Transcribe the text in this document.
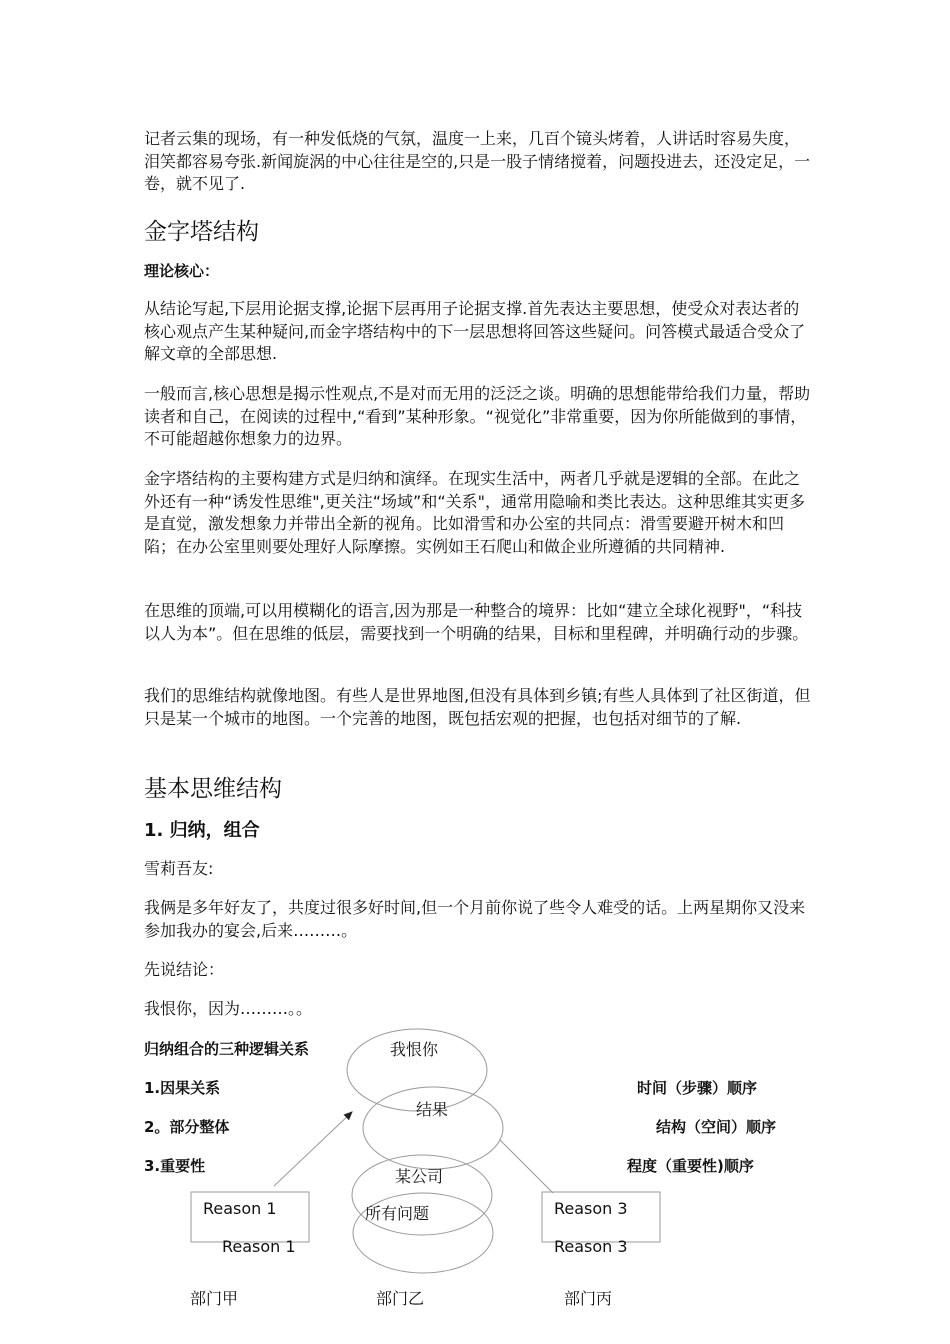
记者云集的现场，有一种发低烧的气氛，温度一上来，几百个镜头烤着，人讲话时容易失度，泪笑都容易夸张.新闻旋涡的中心往往是空的,只是一股子情绪搅着，问题投进去，还没定足，一卷，就不见了.

金字塔结构
理论核心：

从结论写起,下层用论据支撑,论据下层再用子论据支撑.首先表达主要思想，使受众对表达者的核心观点产生某种疑问,而金字塔结构中的下一层思想将回答这些疑问。问答模式最适合受众了解文章的全部思想.

一般而言,核心思想是揭示性观点,不是对而无用的泛泛之谈。明确的思想能带给我们力量，帮助读者和自己，在阅读的过程中,“看到”某种形象。“视觉化”非常重要，因为你所能做到的事情，不可能超越你想象力的边界。

金字塔结构的主要构建方式是归纳和演绎。在现实生活中，两者几乎就是逻辑的全部。在此之外还有一种“诱发性思维",更关注“场域”和“关系"，通常用隐喻和类比表达。这种思维其实更多是直觉，激发想象力并带出全新的视角。比如滑雪和办公室的共同点：滑雪要避开树木和凹陷；在办公室里则要处理好人际摩擦。实例如王石爬山和做企业所遵循的共同精神.

在思维的顶端,可以用模糊化的语言,因为那是一种整合的境界：比如“建立全球化视野"，“科技以人为本”。但在思维的低层，需要找到一个明确的结果，目标和里程碑，并明确行动的步骤。

我们的思维结构就像地图。有些人是世界地图,但没有具体到乡镇;有些人具体到了社区街道，但只是某一个城市的地图。一个完善的地图，既包括宏观的把握，也包括对细节的了解.

基本思维结构
1. 归纳，组合

雪莉吾友:

我俩是多年好友了，共度过很多好时间,但一个月前你说了些令人难受的话。上两星期你又没来参加我办的宴会,后来………。

先说结论：

我恨你，因为………。。

归纳组合的三种逻辑关系
1.因果关系
2。部分整体
3.重要性
时间（步骤）顺序
结构（空间）顺序
程度（重要性)顺序
我恨你
结果
某公司
所有问题
Reason 1
Reason 1
Reason 3
Reason 3
部门甲	部门乙	部门丙
